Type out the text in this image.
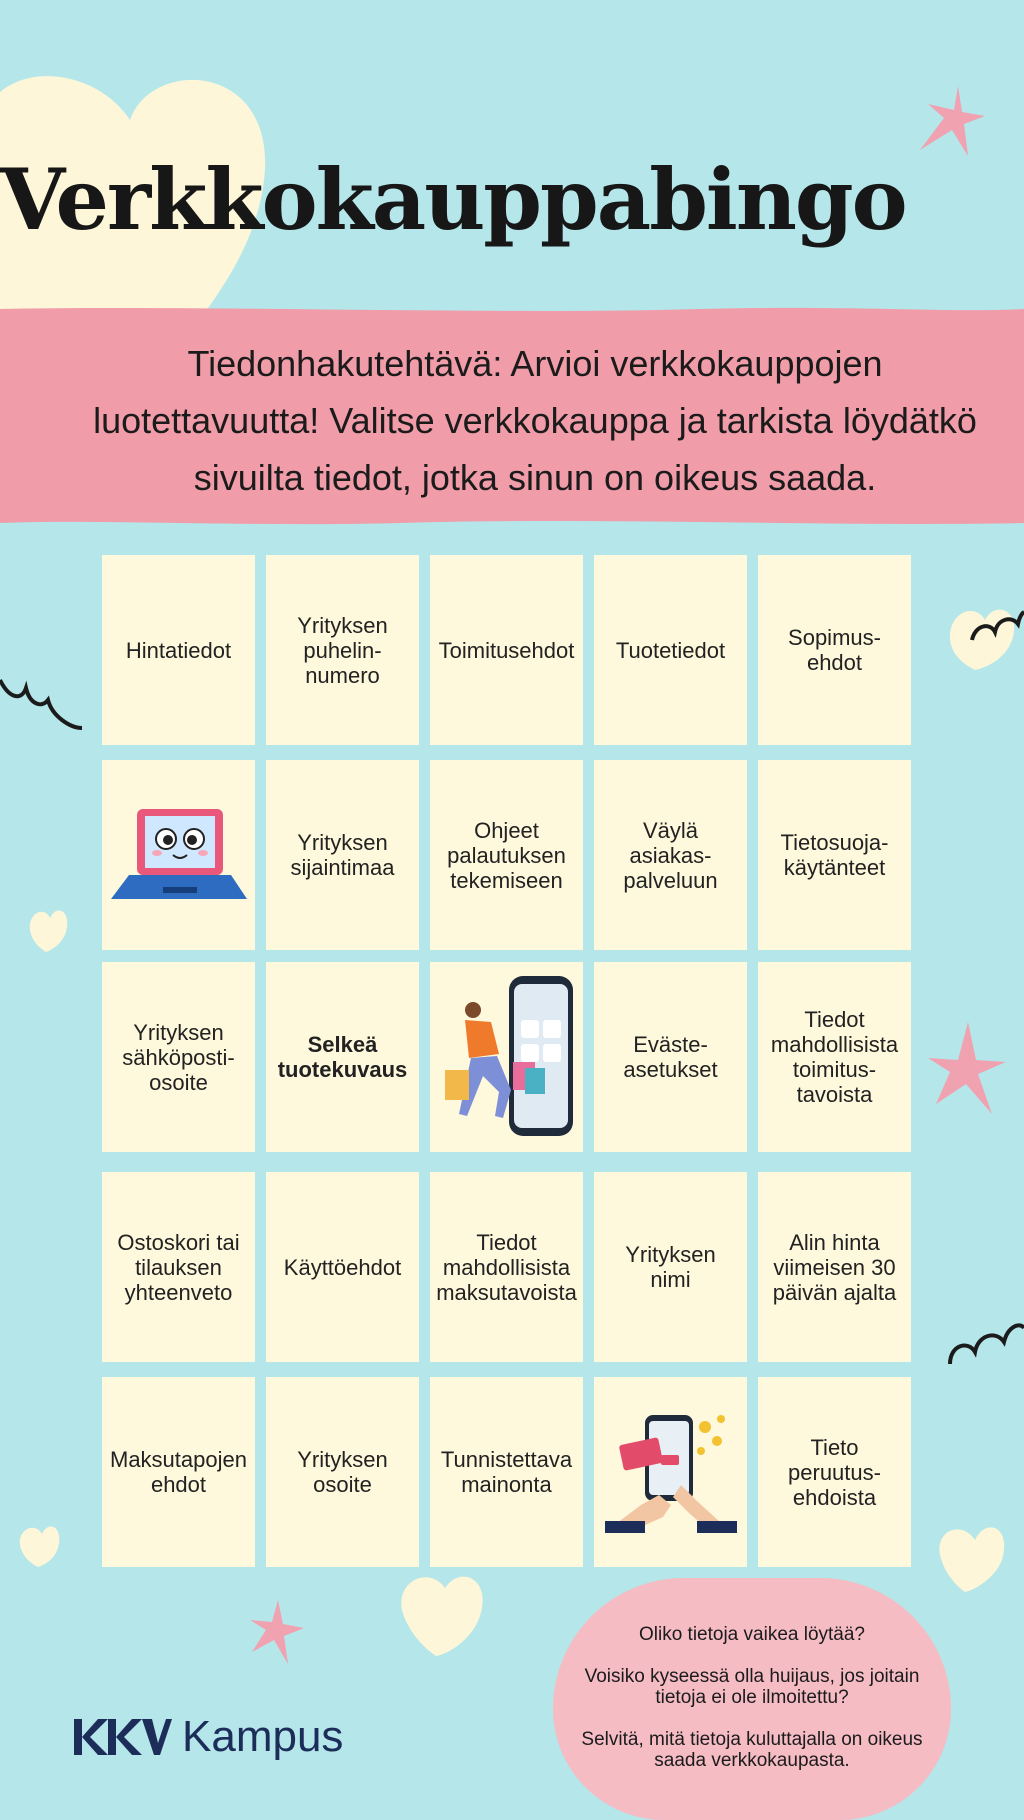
Verkkokauppabingo
Tiedonhakutehtävä: Arvioi verkkokauppojen luotettavuutta! Valitse verkkokauppa ja tarkista löydätkö sivuilta tiedot, jotka sinun on oikeus saada.
Hintatiedot
Yrityksen
puhelin-
numero
Toimitusehdot Tuotetiedot	Sopimus-
ehdot
Yrityksen
sijaintimaa
Ohjeet
palautuksen
tekemiseen
Väylä
asiakas-
palveluun
Tietosuoja-
käytänteet
Yrityksen
sähköposti-
osoite
Selkeä
tuotekuvaus
Eväste-
asetukset
Tiedot
mahdollisista
toimitus-
tavoista
Ostoskori tai
tilauksen
yhteenveto
Käyttöehdot
Tiedot
mahdollisista
maksutavoista
Yrityksen
nimi
Alin hinta
viimeisen 30
päivän ajalta
Maksutapojen
ehdot
Yrityksen
osoite
Tunnistettava
mainonta
Tieto
peruutus-
ehdoista
Oliko tietoja vaikea löytää?
Voisiko kyseessä olla huijaus, jos joitain
tietoja ei ole ilmoitettu?
Selvitä, mitä tietoja kuluttajalla on oikeus
saada verkkokaupasta.
Kampus
